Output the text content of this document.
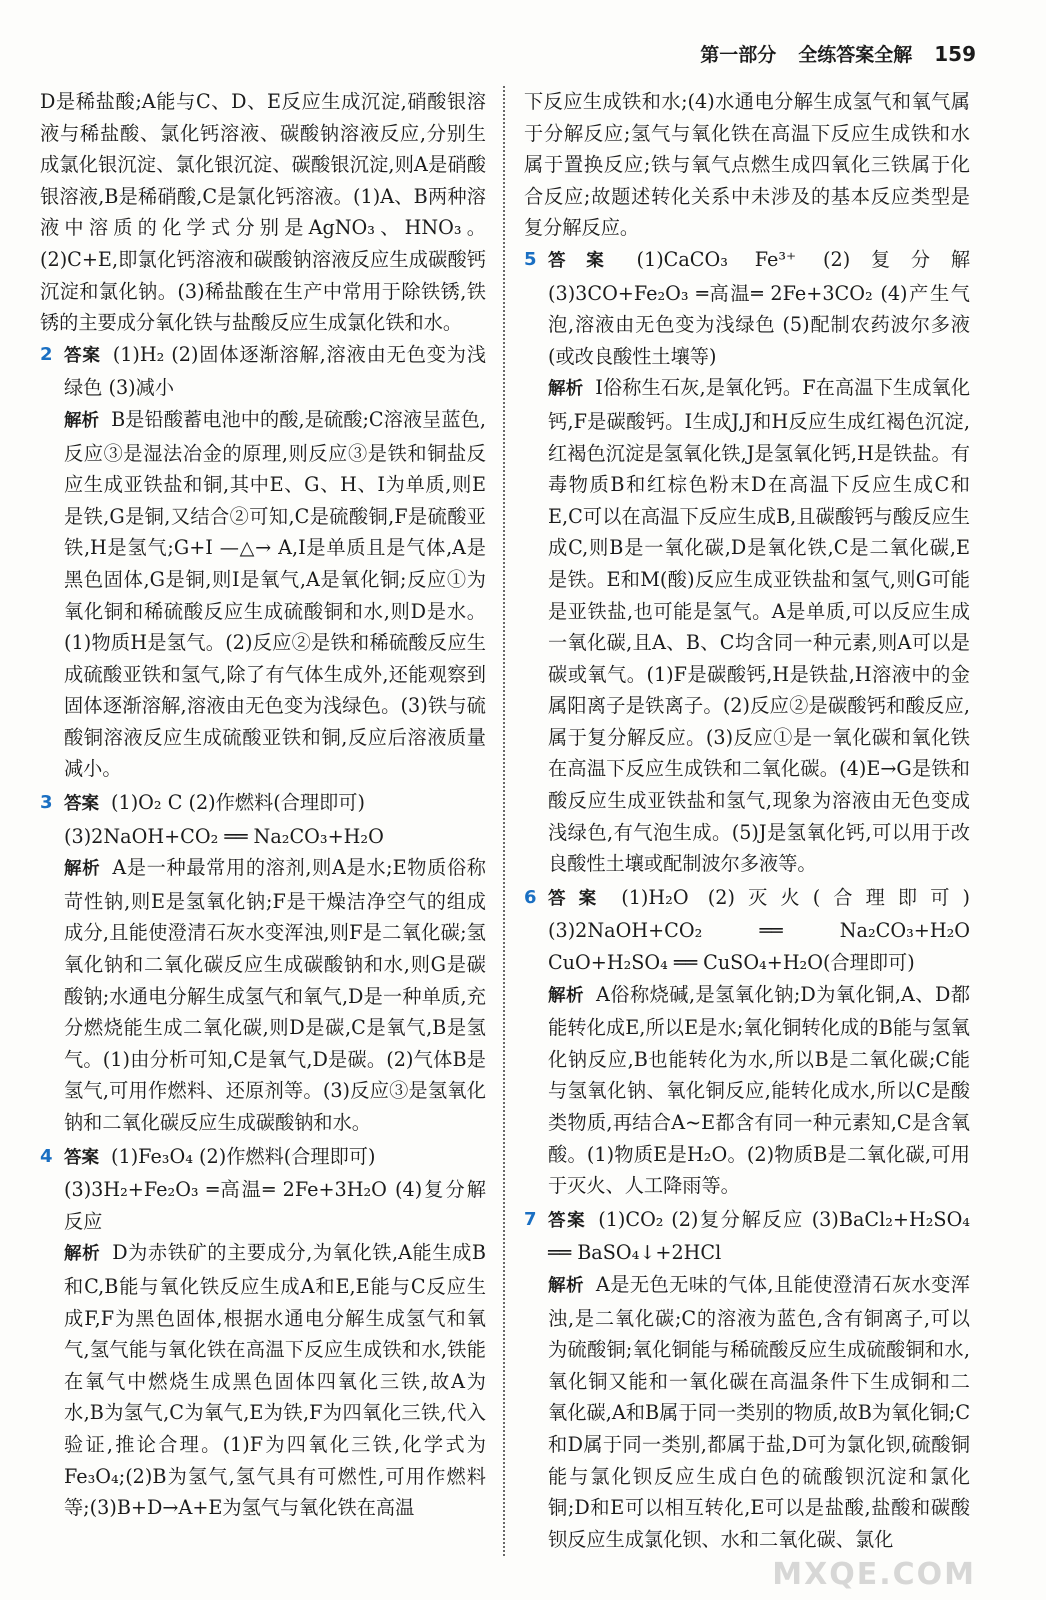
第一部分 全练答案全解 159

D是稀盐酸;A能与C、D、E反应生成沉淀,硝酸银溶液与稀盐酸、氯化钙溶液、碳酸钠溶液反应,分别生成氯化银沉淀、氯化银沉淀、碳酸银沉淀,则A是硝酸银溶液,B是稀硝酸,C是氯化钙溶液。(1)A、B两种溶液中溶质的化学式分别是AgNO₃、HNO₃。(2)C+E,即氯化钙溶液和碳酸钠溶液反应生成碳酸钙沉淀和氯化钠。(3)稀盐酸在生产中常用于除铁锈,铁锈的主要成分氧化铁与盐酸反应生成氯化铁和水。

2 答案 (1)H₂ (2)固体逐渐溶解,溶液由无色变为浅绿色 (3)减小
解析 B是铅酸蓄电池中的酸,是硫酸;C溶液呈蓝色,反应③是湿法冶金的原理,则反应③是铁和铜盐反应生成亚铁盐和铜,其中E、G、H、I为单质,则E是铁,G是铜,又结合②可知,C是硫酸铜,F是硫酸亚铁,H是氢气;G+I —△→ A,I是单质且是气体,A是黑色固体,G是铜,则I是氧气,A是氧化铜;反应①为氧化铜和稀硫酸反应生成硫酸铜和水,则D是水。(1)物质H是氢气。(2)反应②是铁和稀硫酸反应生成硫酸亚铁和氢气,除了有气体生成外,还能观察到固体逐渐溶解,溶液由无色变为浅绿色。(3)铁与硫酸铜溶液反应生成硫酸亚铁和铜,反应后溶液质量减小。
3 答案 (1)O₂ C (2)作燃料(合理即可)
(3)2NaOH+CO₂ ══ Na₂CO₃+H₂O
解析 A是一种最常用的溶剂,则A是水;E物质俗称苛性钠,则E是氢氧化钠;F是干燥洁净空气的组成成分,且能使澄清石灰水变浑浊,则F是二氧化碳;氢氧化钠和二氧化碳反应生成碳酸钠和水,则G是碳酸钠;水通电分解生成氢气和氧气,D是一种单质,充分燃烧能生成二氧化碳,则D是碳,C是氧气,B是氢气。(1)由分析可知,C是氧气,D是碳。(2)气体B是氢气,可用作燃料、还原剂等。(3)反应③是氢氧化钠和二氧化碳反应生成碳酸钠和水。
4 答案 (1)Fe₃O₄ (2)作燃料(合理即可)
(3)3H₂+Fe₂O₃ ═高温═ 2Fe+3H₂O (4)复分解反应
解析 D为赤铁矿的主要成分,为氧化铁,A能生成B和C,B能与氧化铁反应生成A和E,E能与C反应生成F,F为黑色固体,根据水通电分解生成氢气和氧气,氢气能与氧化铁在高温下反应生成铁和水,铁能在氧气中燃烧生成黑色固体四氧化三铁,故A为水,B为氢气,C为氧气,E为铁,F为四氧化三铁,代入验证,推论合理。(1)F为四氧化三铁,化学式为Fe₃O₄;(2)B为氢气,氢气具有可燃性,可用作燃料等;(3)B+D→A+E为氢气与氧化铁在高温

下反应生成铁和水;(4)水通电分解生成氢气和氧气属于分解反应;氢气与氧化铁在高温下反应生成铁和水属于置换反应;铁与氧气点燃生成四氧化三铁属于化合反应;故题述转化关系中未涉及的基本反应类型是复分解反应。

5 答案 (1)CaCO₃ Fe³⁺ (2)复分解 (3)3CO+Fe₂O₃ ═高温═ 2Fe+3CO₂ (4)产生气泡,溶液由无色变为浅绿色 (5)配制农药波尔多液(或改良酸性土壤等)
解析 I俗称生石灰,是氧化钙。F在高温下生成氧化钙,F是碳酸钙。I生成J,J和H反应生成红褐色沉淀,红褐色沉淀是氢氧化铁,J是氢氧化钙,H是铁盐。有毒物质B和红棕色粉末D在高温下反应生成C和E,C可以在高温下反应生成B,且碳酸钙与酸反应生成C,则B是一氧化碳,D是氧化铁,C是二氧化碳,E是铁。E和M(酸)反应生成亚铁盐和氢气,则G可能是亚铁盐,也可能是氢气。A是单质,可以反应生成一氧化碳,且A、B、C均含同一种元素,则A可以是碳或氧气。(1)F是碳酸钙,H是铁盐,H溶液中的金属阳离子是铁离子。(2)反应②是碳酸钙和酸反应,属于复分解反应。(3)反应①是一氧化碳和氧化铁在高温下反应生成铁和二氧化碳。(4)E→G是铁和酸反应生成亚铁盐和氢气,现象为溶液由无色变成浅绿色,有气泡生成。(5)J是氢氧化钙,可以用于改良酸性土壤或配制波尔多液等。
6 答案 (1)H₂O (2)灭火(合理即可) (3)2NaOH+CO₂ ══ Na₂CO₃+H₂O CuO+H₂SO₄ ══ CuSO₄+H₂O(合理即可)
解析 A俗称烧碱,是氢氧化钠;D为氧化铜,A、D都能转化成E,所以E是水;氧化铜转化成的B能与氢氧化钠反应,B也能转化为水,所以B是二氧化碳;C能与氢氧化钠、氧化铜反应,能转化成水,所以C是酸类物质,再结合A~E都含有同一种元素知,C是含氧酸。(1)物质E是H₂O。(2)物质B是二氧化碳,可用于灭火、人工降雨等。
7 答案 (1)CO₂ (2)复分解反应 (3)BaCl₂+H₂SO₄ ══ BaSO₄↓+2HCl
解析 A是无色无味的气体,且能使澄清石灰水变浑浊,是二氧化碳;C的溶液为蓝色,含有铜离子,可以为硫酸铜;氧化铜能与稀硫酸反应生成硫酸铜和水,氧化铜又能和一氧化碳在高温条件下生成铜和二氧化碳,A和B属于同一类别的物质,故B为氧化铜;C和D属于同一类别,都属于盐,D可为氯化钡,硫酸铜能与氯化钡反应生成白色的硫酸钡沉淀和氯化铜;D和E可以相互转化,E可以是盐酸,盐酸和碳酸钡反应生成氯化钡、水和二氧化碳、氯化
MXQE.COM
